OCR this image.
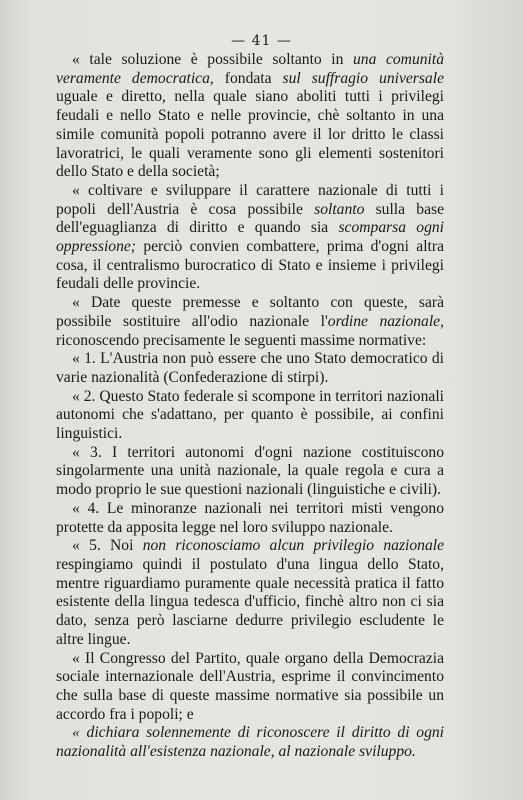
— 41 —

« tale soluzione è possibile soltanto in una comunità veramente democratica, fondata sul suffragio universale uguale e diretto, nella quale siano aboliti tutti i privilegi feudali e nello Stato e nelle provincie, chè soltanto in una simile comunità popoli potranno avere il lor dritto le classi lavoratrici, le quali veramente sono gli elementi sostenitori dello Stato e della società;

« coltivare e sviluppare il carattere nazionale di tutti i popoli dell'Austria è cosa possibile soltanto sulla base dell'eguaglianza di diritto e quando sia scomparsa ogni oppressione; perciò convien combattere, prima d'ogni altra cosa, il centralismo burocratico di Stato e insieme i privilegi feudali delle provincie.

« Date queste premesse e soltanto con queste, sarà possibile sostituire all'odio nazionale l'ordine nazionale, riconoscendo precisamente le seguenti massime normative:

« 1. L'Austria non può essere che uno Stato democratico di varie nazionalità (Confederazione di stirpi).

« 2. Questo Stato federale si scompone in territori nazionali autonomi che s'adattano, per quanto è possibile, ai confini linguistici.

« 3. I territori autonomi d'ogni nazione costituiscono singolarmente una unità nazionale, la quale regola e cura a modo proprio le sue questioni nazionali (linguistiche e civili).

« 4. Le minoranze nazionali nei territori misti vengono protette da apposita legge nel loro sviluppo nazionale.

« 5. Noi non riconosciamo alcun privilegio nazionale respingiamo quindi il postulato d'una lingua dello Stato, mentre riguardiamo puramente quale necessità pratica il fatto esistente della lingua tedesca d'ufficio, finchè altro non ci sia dato, senza però lasciarne dedurre privilegio escludente le altre lingue.

« Il Congresso del Partito, quale organo della Democrazia sociale internazionale dell'Austria, esprime il convincimento che sulla base di queste massime normative sia possibile un accordo fra i popoli; e

« dichiara solennemente di riconoscere il diritto di ogni nazionalità all'esistenza nazionale, al nazionale sviluppo.
